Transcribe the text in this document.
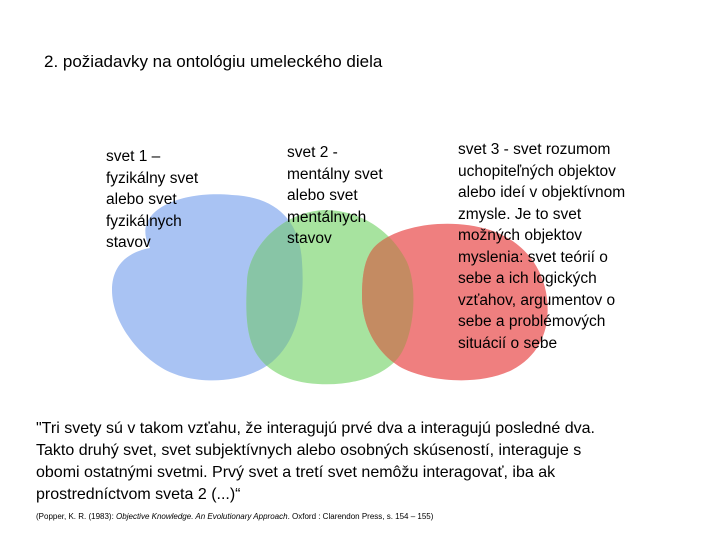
2. požiadavky na ontológiu umeleckého diela
svet 1 –
fyzikálny svet
alebo svet
fyzikálnych
stavov
svet 2 -
mentálny svet
alebo svet
mentálnych
stavov
svet 3 - svet rozumom
uchopiteľných objektov
alebo ideí v objektívnom
zmysle. Je to svet
možných objektov
myslenia: svet teórií o
sebe a ich logických
vzťahov, argumentov o
sebe a problémových
situácií o sebe
"Tri svety sú v takom vzťahu, že interagujú prvé dva a interagujú posledné dva.
Takto druhý svet, svet subjektívnych alebo osobných skúseností, interaguje s
obomi ostatnými svetmi. Prvý svet a tretí svet nemôžu interagovať, iba ak
prostredníctvom sveta 2 (...)“
(Popper, K. R. (1983): Objective Knowledge. An Evolutionary Approach. Oxford : Clarendon Press, s. 154 – 155)
